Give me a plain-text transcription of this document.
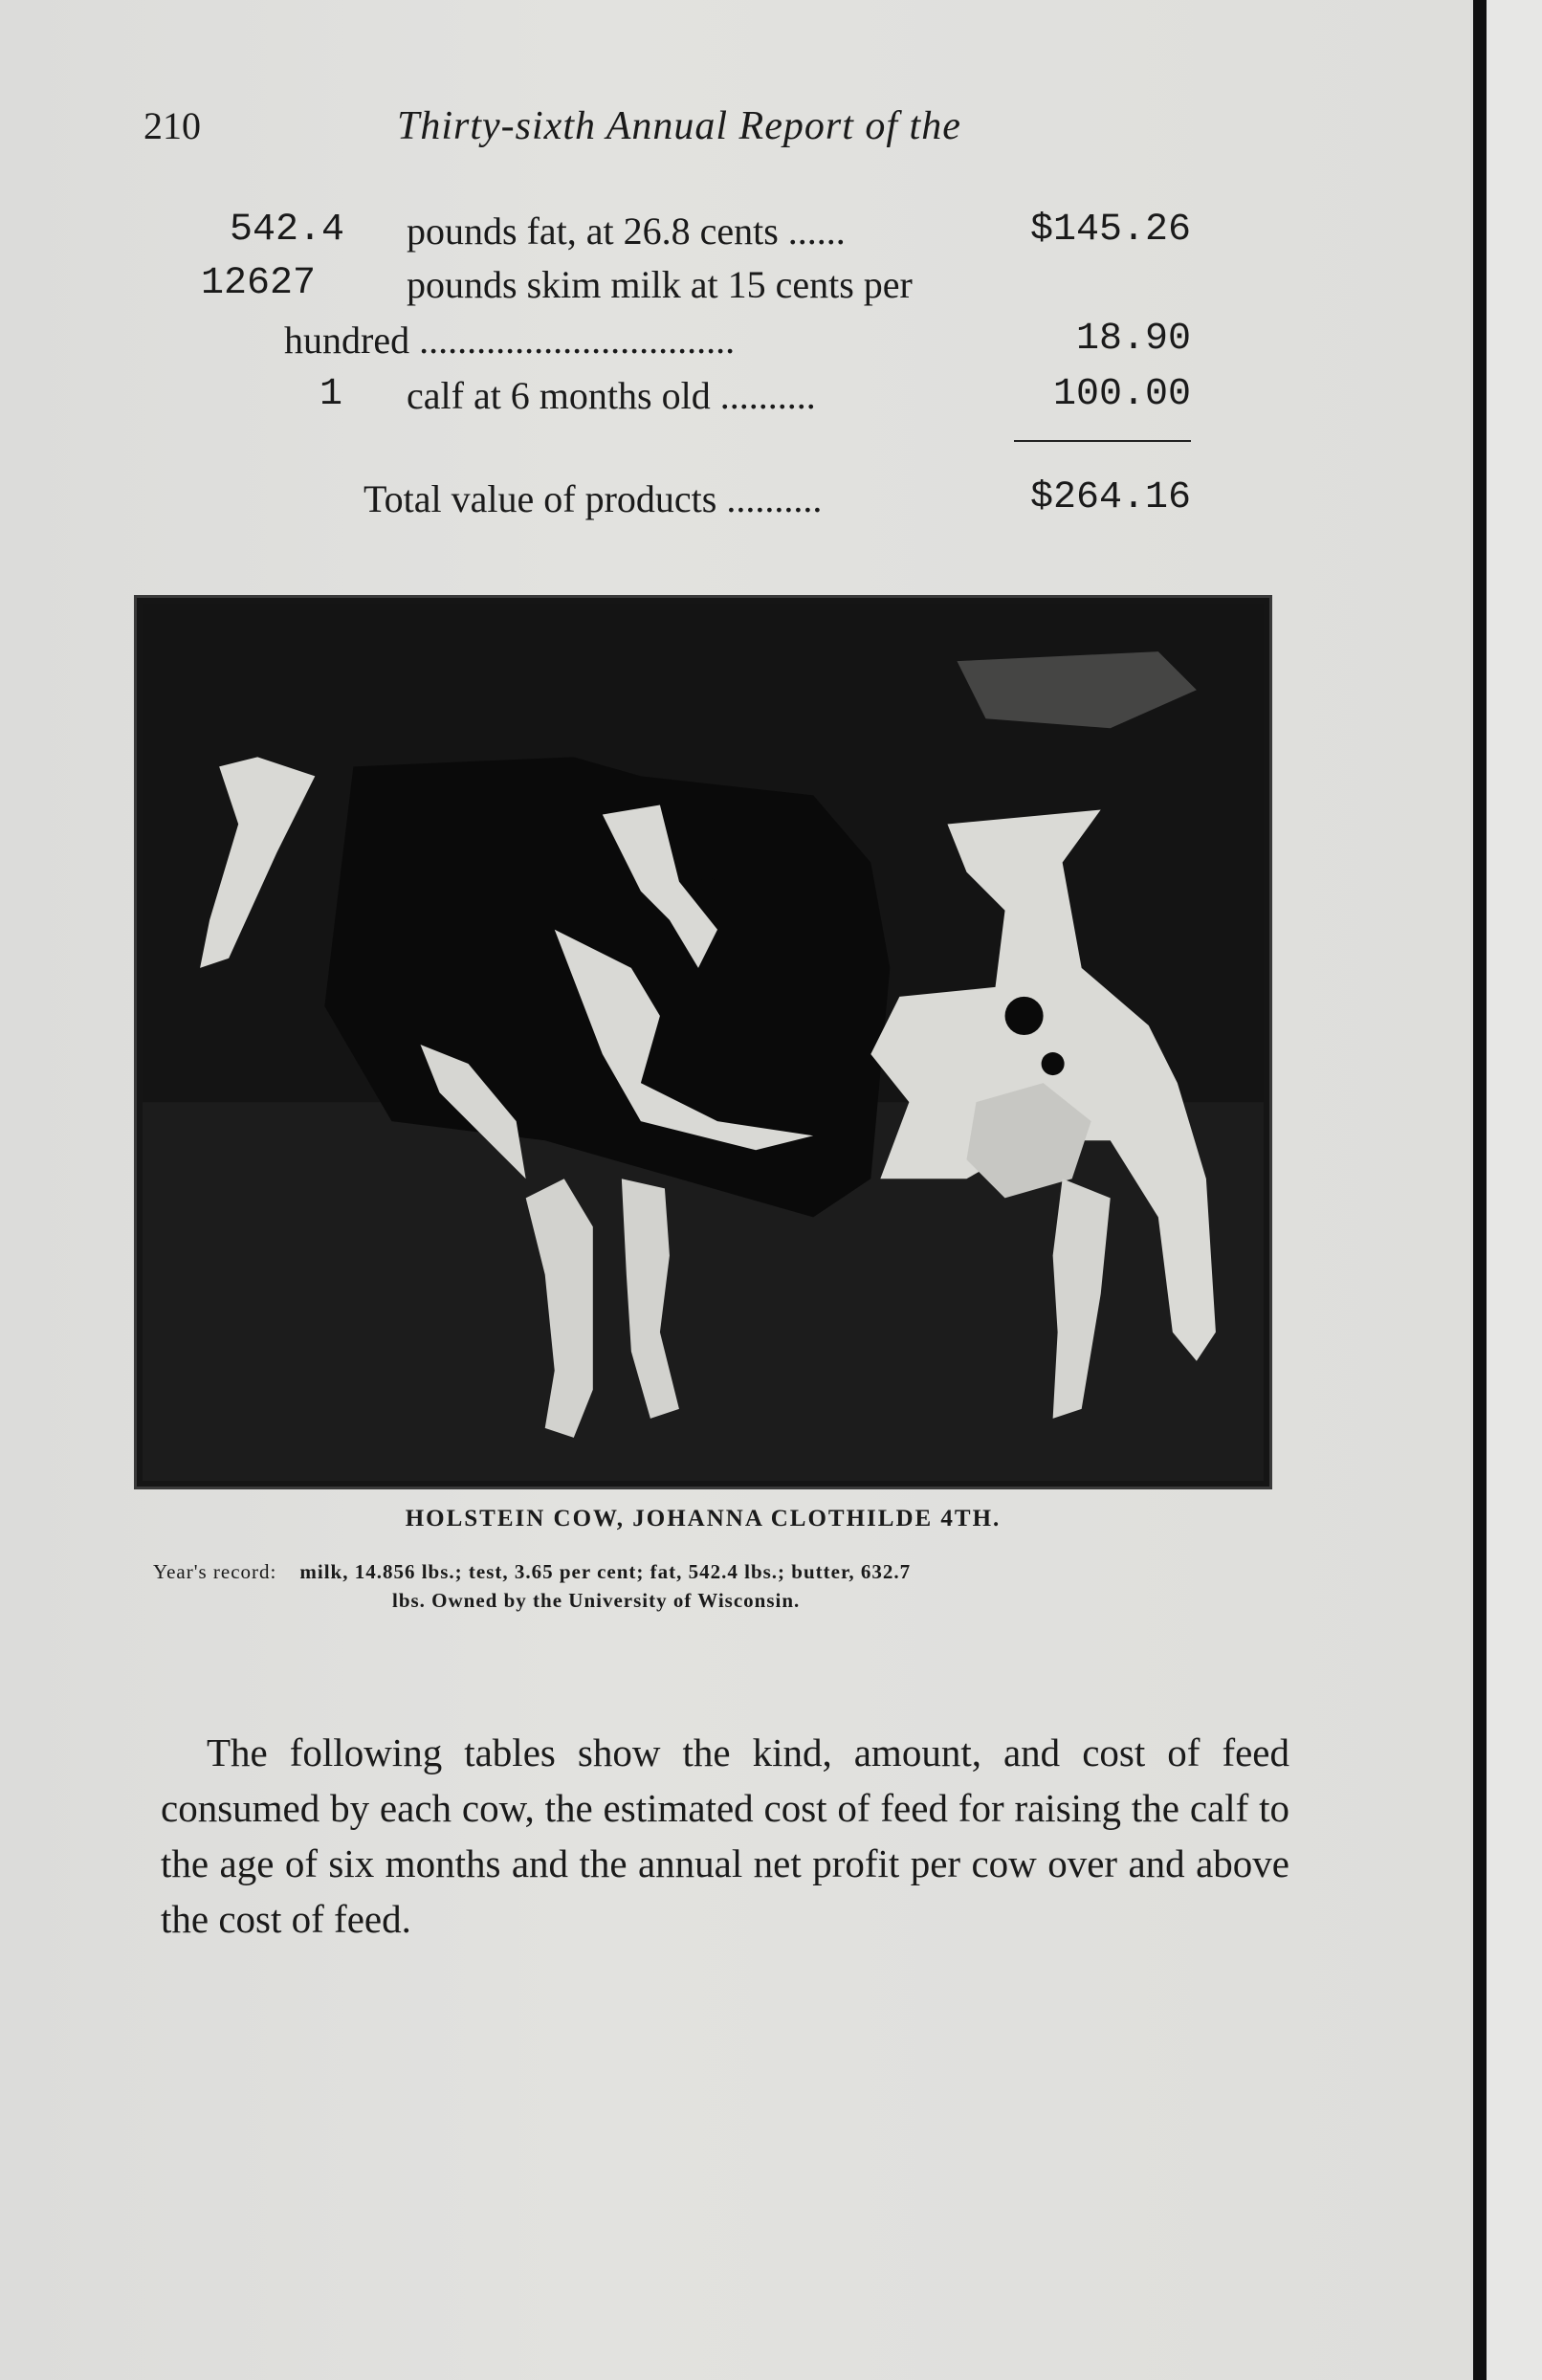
210	Thirty-sixth Annual Report of the
542.4 pounds fat, at 26.8 cents ......	$145.26
12627 pounds skim milk at 15 cents per
hundred .................................	18.90
1 calf at 6 months old ..........	100.00
Total value of products ..........	$264.16
HOLSTEIN COW, JOHANNA CLOTHILDE 4TH.
Year's record: milk, 14.856 lbs.; test, 3.65 per cent; fat, 542.4 lbs.; butter, 632.7
lbs. Owned by the University of Wisconsin.

The following tables show the kind, amount, and cost of feed consumed by each cow, the estimated cost of feed for raising the calf to the age of six months and the annual net profit per cow over and above the cost of feed.
